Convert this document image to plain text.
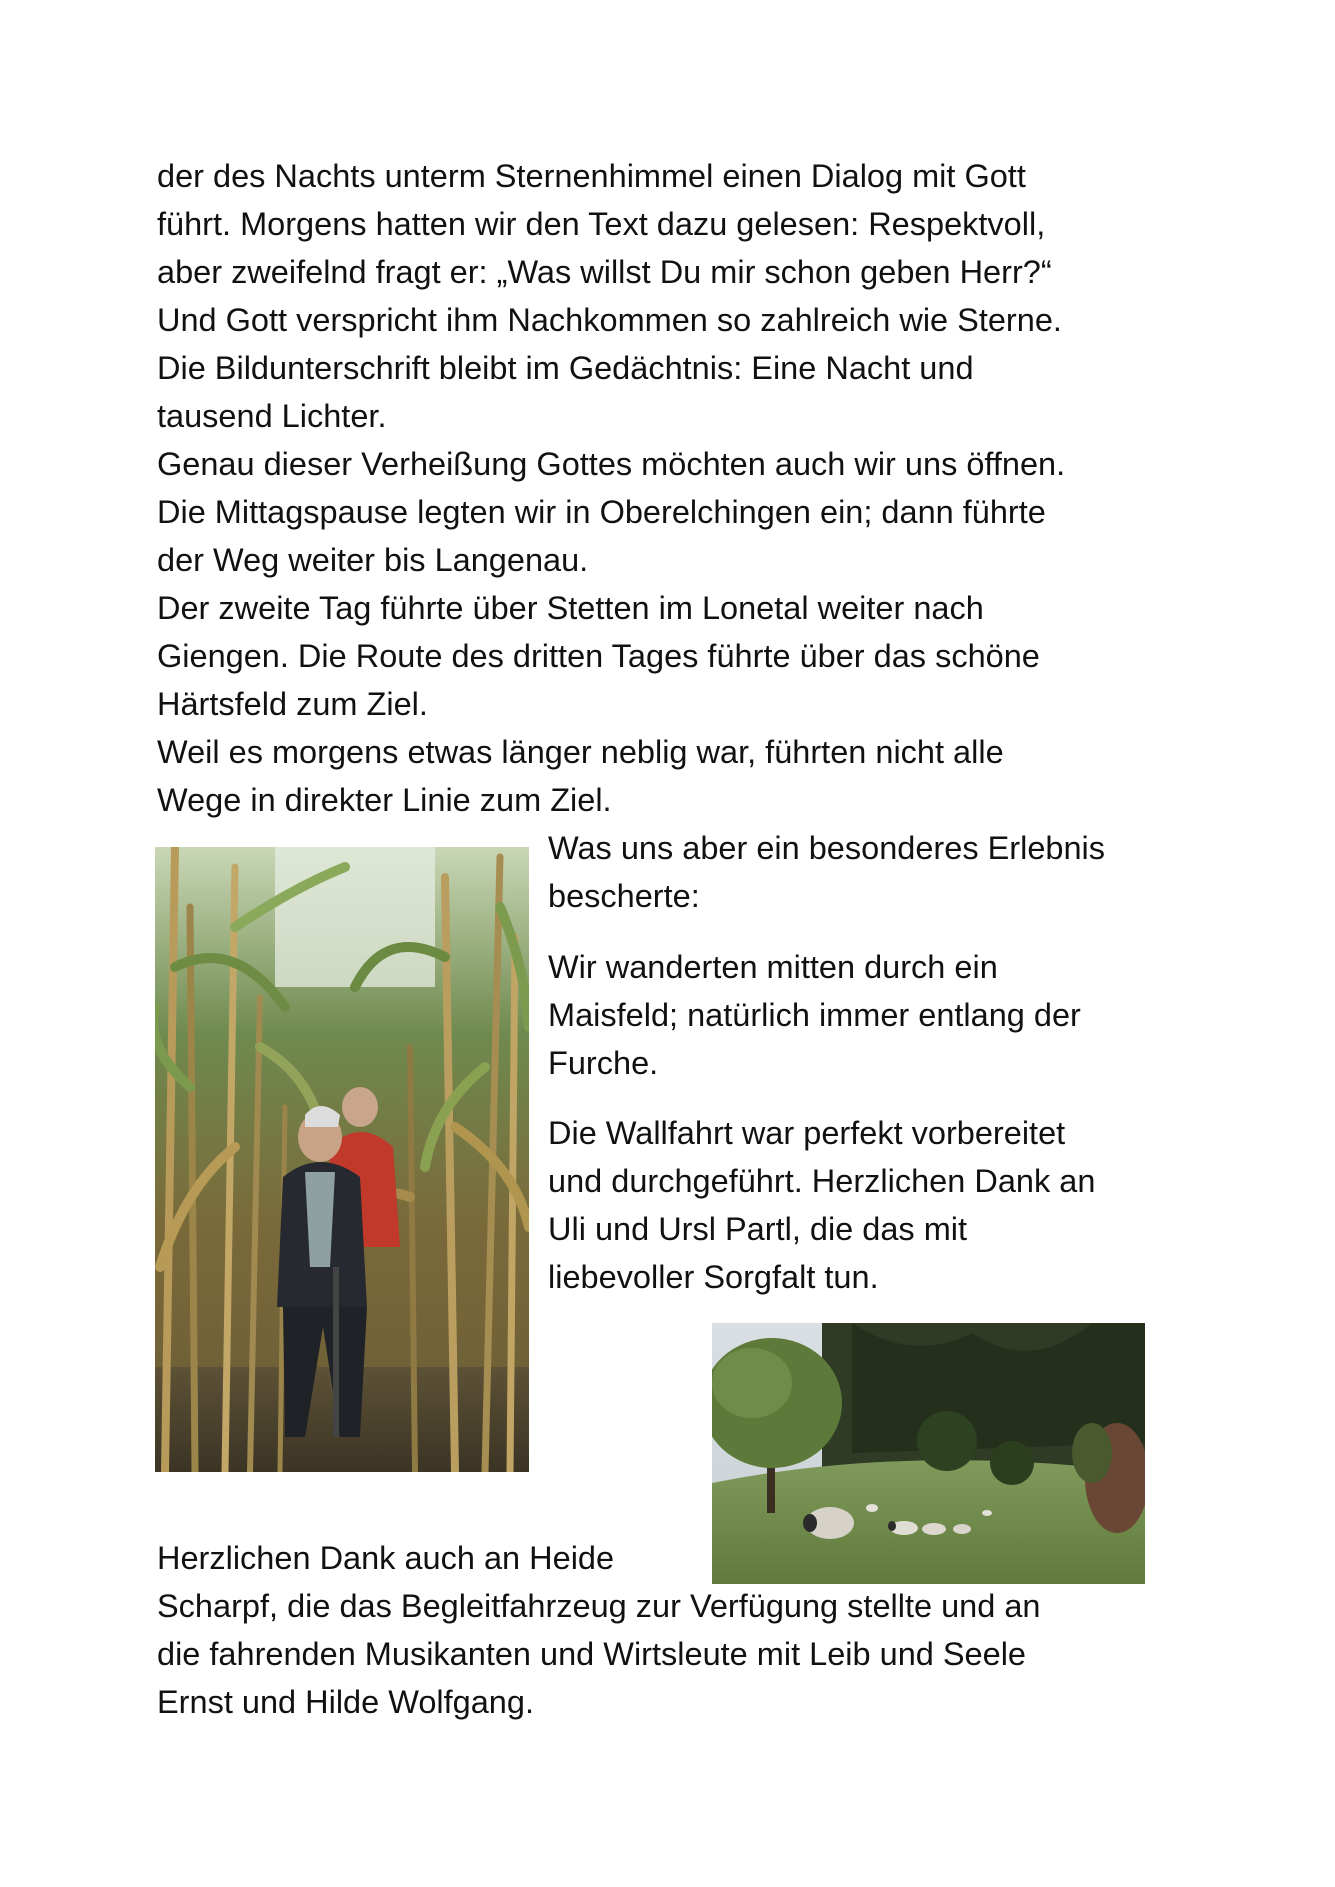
der des Nachts unterm Sternenhimmel einen Dialog mit Gott
führt. Morgens hatten wir den Text dazu gelesen: Respektvoll,
aber zweifelnd fragt er: „Was willst Du mir schon geben Herr?“
Und Gott verspricht ihm Nachkommen so zahlreich wie Sterne.
Die Bildunterschrift bleibt im Gedächtnis: Eine Nacht und
tausend Lichter.
Genau dieser Verheißung Gottes möchten auch wir uns öffnen.
Die Mittagspause legten wir in Oberelchingen ein; dann führte
der Weg weiter bis Langenau.
Der zweite Tag führte über Stetten im Lonetal weiter nach
Giengen. Die Route des dritten Tages führte über das schöne
Härtsfeld zum Ziel.
Weil es morgens etwas länger neblig war, führten nicht alle
Wege in direkter Linie zum Ziel.
Was uns aber ein besonderes Erlebnis
bescherte:
Wir wanderten mitten durch ein
Maisfeld; natürlich immer entlang der
Furche.
Die Wallfahrt war perfekt vorbereitet
und durchgeführt. Herzlichen Dank an
Uli und Ursl Partl, die das mit
liebevoller Sorgfalt tun.
Herzlichen Dank auch an Heide
Scharpf, die das Begleitfahrzeug zur Verfügung stellte und an
die fahrenden Musikanten und Wirtsleute mit Leib und Seele
Ernst und Hilde Wolfgang.
